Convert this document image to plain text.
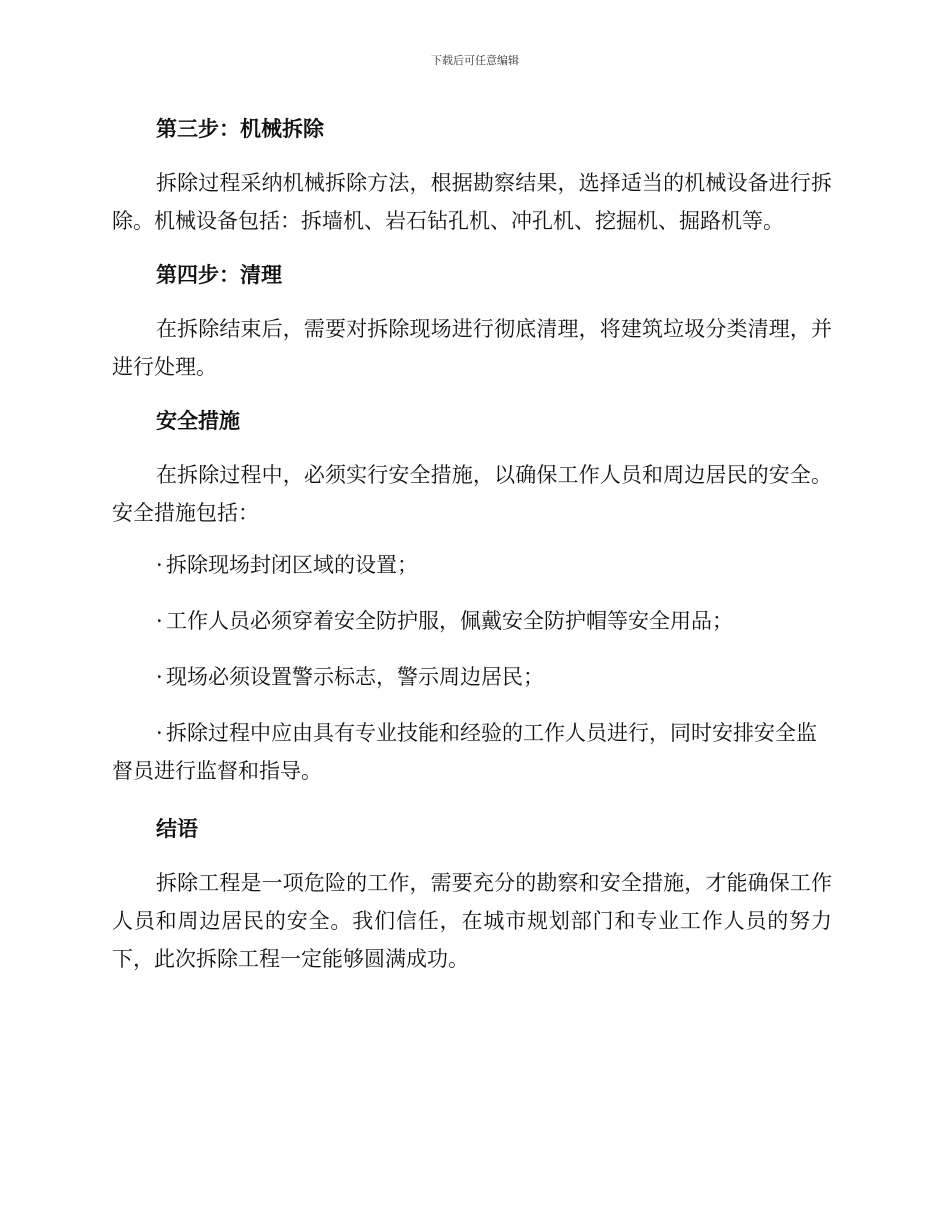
下载后可任意编辑
第三步：机械拆除

拆除过程采纳机械拆除方法，根据勘察结果，选择适当的机械设备进行拆除。机械设备包括：拆墙机、岩石钻孔机、冲孔机、挖掘机、掘路机等。

第四步：清理

在拆除结束后，需要对拆除现场进行彻底清理，将建筑垃圾分类清理，并进行处理。

安全措施

在拆除过程中，必须实行安全措施，以确保工作人员和周边居民的安全。安全措施包括：

· 拆除现场封闭区域的设置；

· 工作人员必须穿着安全防护服，佩戴安全防护帽等安全用品；

· 现场必须设置警示标志，警示周边居民；

· 拆除过程中应由具有专业技能和经验的工作人员进行，同时安排安全监督员进行监督和指导。

结语

拆除工程是一项危险的工作，需要充分的勘察和安全措施，才能确保工作人员和周边居民的安全。我们信任，在城市规划部门和专业工作人员的努力下，此次拆除工程一定能够圆满成功。
